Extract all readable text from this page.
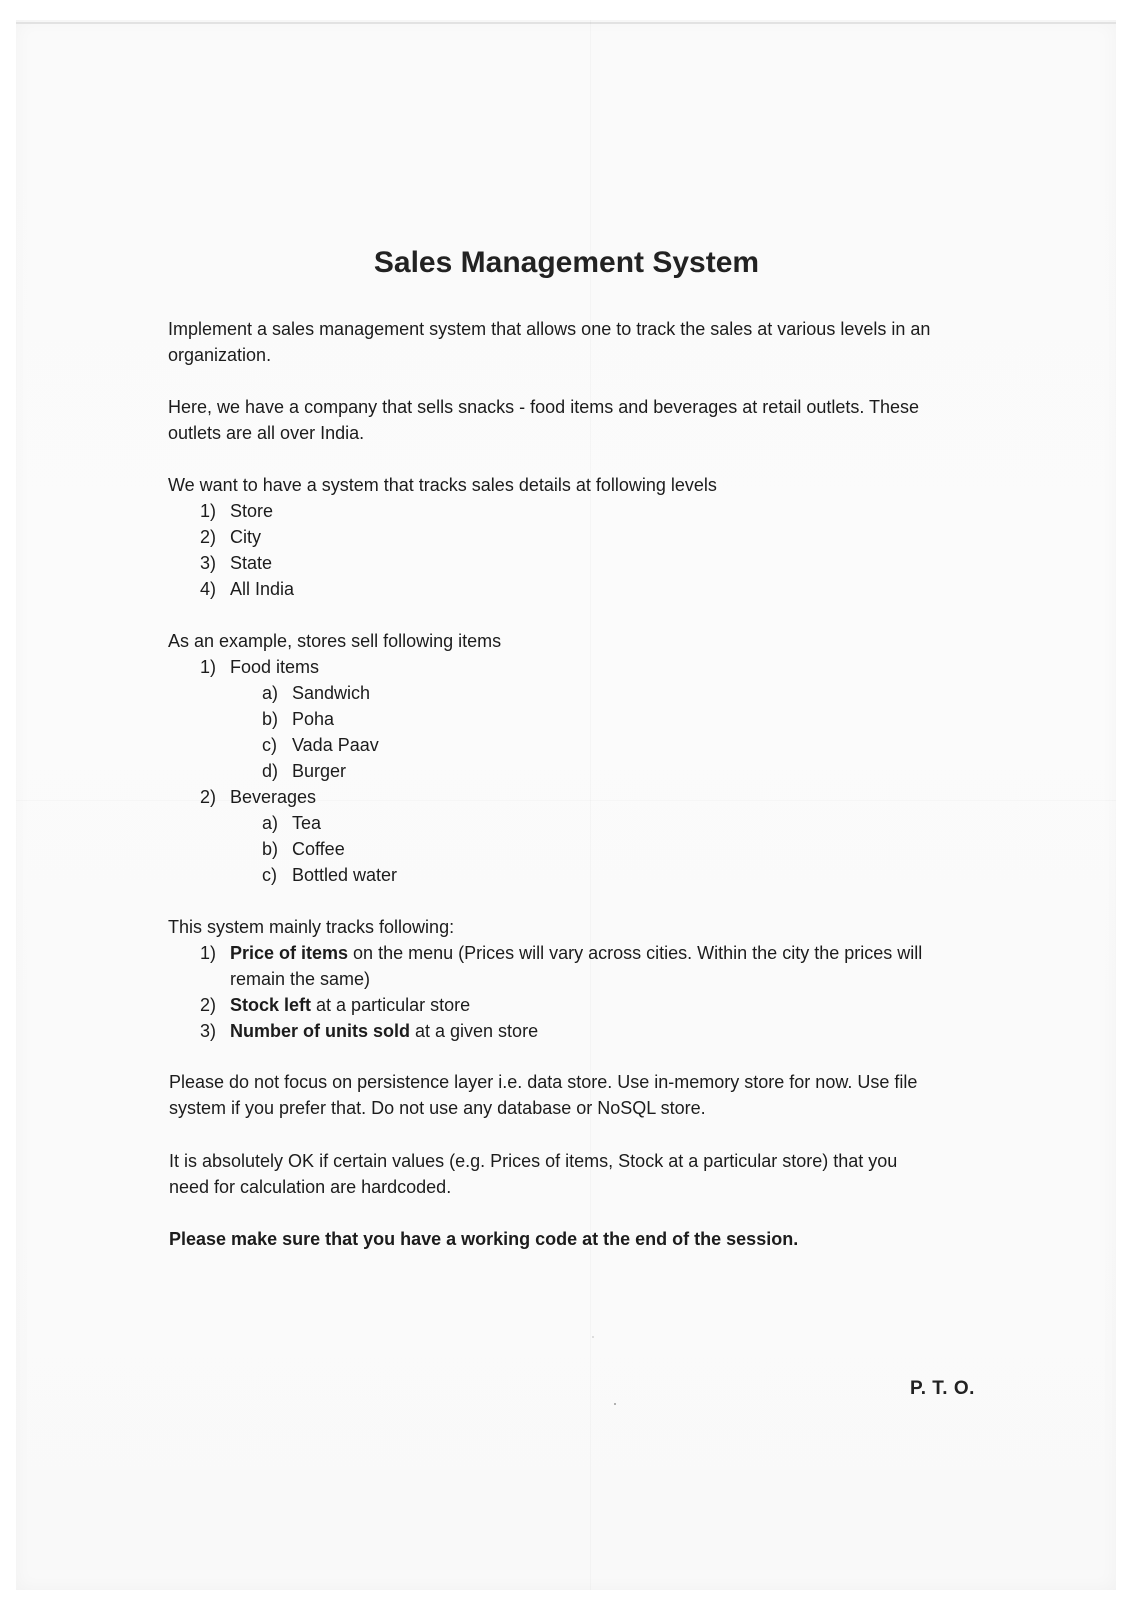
Sales Management System
Implement a sales management system that allows one to track the sales at various levels in an
organization.
Here, we have a company that sells snacks - food items and beverages at retail outlets. These
outlets are all over India.
We want to have a system that tracks sales details at following levels
1) Store
2) City
3) State
4) All India
As an example, stores sell following items
1) Food items
a) Sandwich
b) Poha
c) Vada Paav
d) Burger
2) Beverages
a) Tea
b) Coffee
c) Bottled water
This system mainly tracks following:
1) Price of items on the menu (Prices will vary across cities. Within the city the prices will
remain the same)
2) Stock left at a particular store
3) Number of units sold at a given store
Please do not focus on persistence layer i.e. data store. Use in-memory store for now. Use file
system if you prefer that. Do not use any database or NoSQL store.
It is absolutely OK if certain values (e.g. Prices of items, Stock at a particular store) that you
need for calculation are hardcoded.
Please make sure that you have a working code at the end of the session.
P. T. O.
